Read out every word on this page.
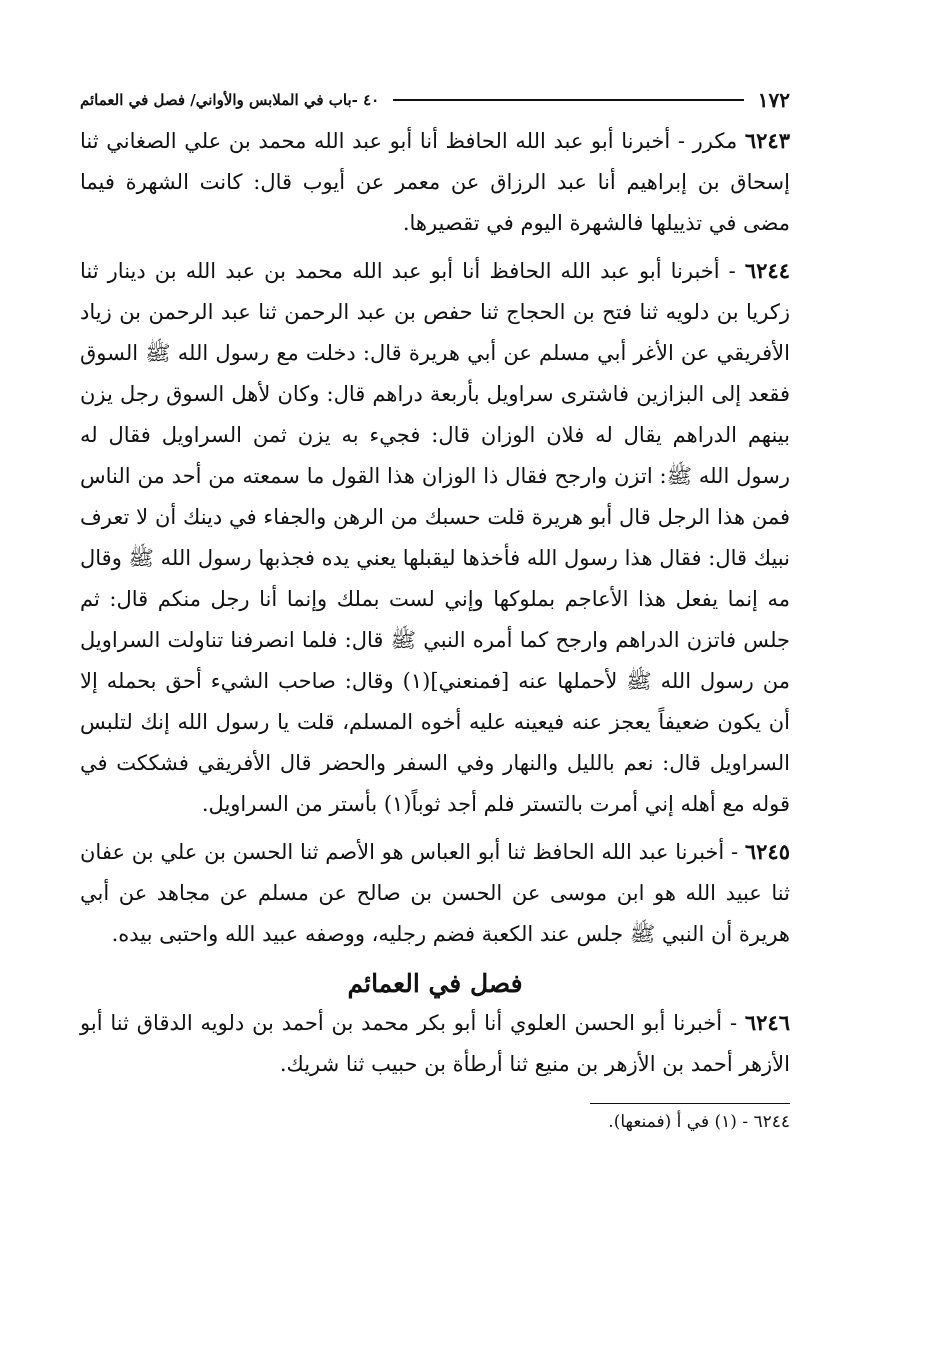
١٧٢
٤٠ -باب في الملابس والأواني/ فصل في العمائم

٦٢٤٣ مكرر - أخبرنا أبو عبد الله الحافظ أنا أبو عبد الله محمد بن علي الصغاني ثنا إسحاق بن إبراهيم أنا عبد الرزاق عن معمر عن أيوب قال: كانت الشهرة فيما مضى في تذييلها فالشهرة اليوم في تقصيرها.

٦٢٤٤ - أخبرنا أبو عبد الله الحافظ أنا أبو عبد الله محمد بن عبد الله بن دينار ثنا زكريا بن دلويه ثنا فتح بن الحجاج ثنا حفص بن عبد الرحمن ثنا عبد الرحمن بن زياد الأفريقي عن الأغر أبي مسلم عن أبي هريرة قال: دخلت مع رسول الله ﷺ السوق فقعد إلى البزازين فاشترى سراويل بأربعة دراهم قال: وكان لأهل السوق رجل يزن بينهم الدراهم يقال له فلان الوزان قال: فجيء به يزن ثمن السراويل فقال له رسول الله ﷺ: اتزن وارجح فقال ذا الوزان هذا القول ما سمعته من أحد من الناس فمن هذا الرجل قال أبو هريرة قلت حسبك من الرهن والجفاء في دينك أن لا تعرف نبيك قال: فقال هذا رسول الله فأخذها ليقبلها يعني يده فجذبها رسول الله ﷺ وقال مه إنما يفعل هذا الأعاجم بملوكها وإني لست بملك وإنما أنا رجل منكم قال: ثم جلس فاتزن الدراهم وارجح كما أمره النبي ﷺ قال: فلما انصرفنا تناولت السراويل من رسول الله ﷺ لأحملها عنه [فمنعني](١) وقال: صاحب الشيء أحق بحمله إلا أن يكون ضعيفاً يعجز عنه فيعينه عليه أخوه المسلم، قلت يا رسول الله إنك لتلبس السراويل قال: نعم بالليل والنهار وفي السفر والحضر قال الأفريقي فشككت في قوله مع أهله إني أمرت بالتستر فلم أجد ثوباً(١) بأستر من السراويل.

٦٢٤٥ - أخبرنا عبد الله الحافظ ثنا أبو العباس هو الأصم ثنا الحسن بن علي بن عفان ثنا عبيد الله هو ابن موسى عن الحسن بن صالح عن مسلم عن مجاهد عن أبي هريرة أن النبي ﷺ جلس عند الكعبة فضم رجليه، ووصفه عبيد الله واحتبى بيده.

فصل في العمائم

٦٢٤٦ - أخبرنا أبو الحسن العلوي أنا أبو بكر محمد بن أحمد بن دلويه الدقاق ثنا أبو الأزهر أحمد بن الأزهر بن منيع ثنا أرطأة بن حبيب ثنا شريك.

٦٢٤٤ - (١) في أ (فمنعها).
